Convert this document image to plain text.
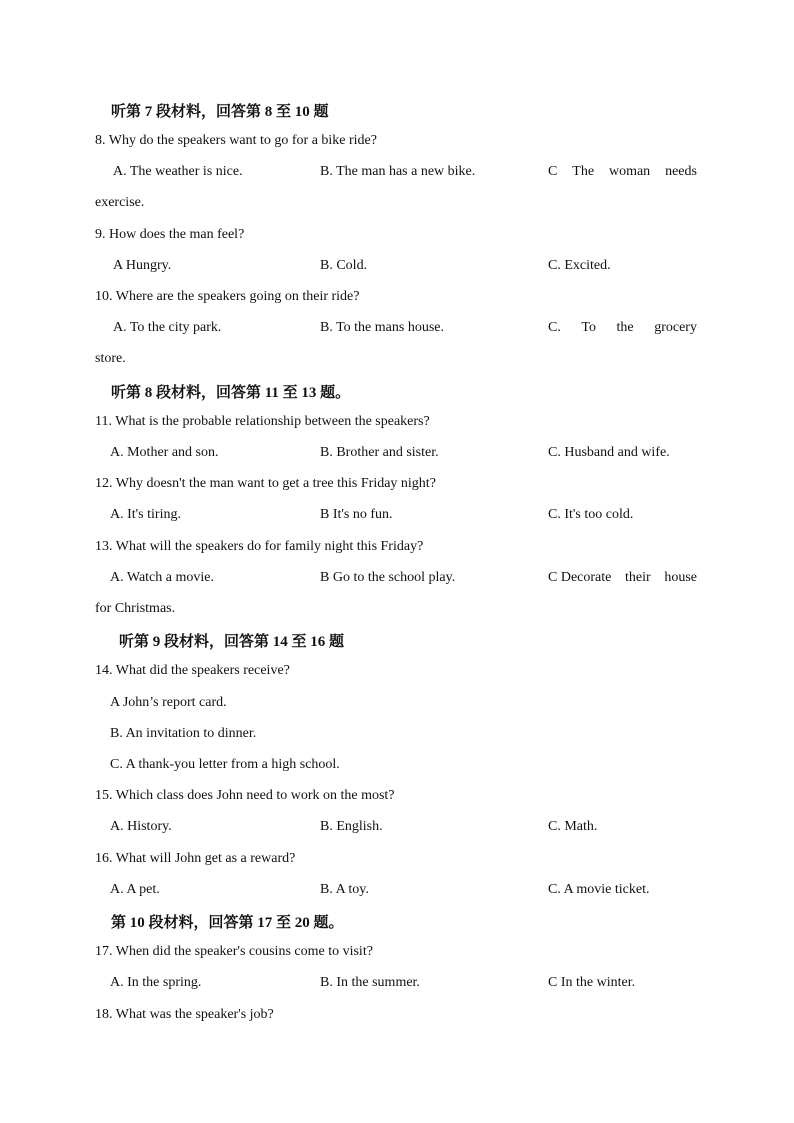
听第 7 段材料，回答第 8 至 10 题
8. Why do the speakers want to go for a bike ride?
A. The weather is nice.	B. The man has a new bike.	C The woman needs
exercise.
9. How does the man feel?
A Hungry.	B. Cold.	C. Excited.
10. Where are the speakers going on their ride?
A. To the city park.	B. To the mans house.	C. To the grocery
store.
听第 8 段材料，回答第 11 至 13 题。
11. What is the probable relationship between the speakers?
A. Mother and son.	B. Brother and sister.	C. Husband and wife.
12. Why doesn't the man want to get a tree this Friday night?
A. It's tiring.	B It's no fun.	C. It's too cold.
13. What will the speakers do for family night this Friday?
A. Watch a movie.	B Go to the school play.	C Decorate their house
for Christmas.
听第 9 段材料，回答第 14 至 16 题
14. What did the speakers receive?
A John’s report card.
B. An invitation to dinner.
C. A thank-you letter from a high school.
15. Which class does John need to work on the most?
A. History.	B. English.	C. Math.
16. What will John get as a reward?
A. A pet.	B. A toy.	C. A movie ticket.
第 10 段材料，回答第 17 至 20 题。
17. When did the speaker's cousins come to visit?
A. In the spring.	B. In the summer.	C In the winter.
18. What was the speaker's job?
